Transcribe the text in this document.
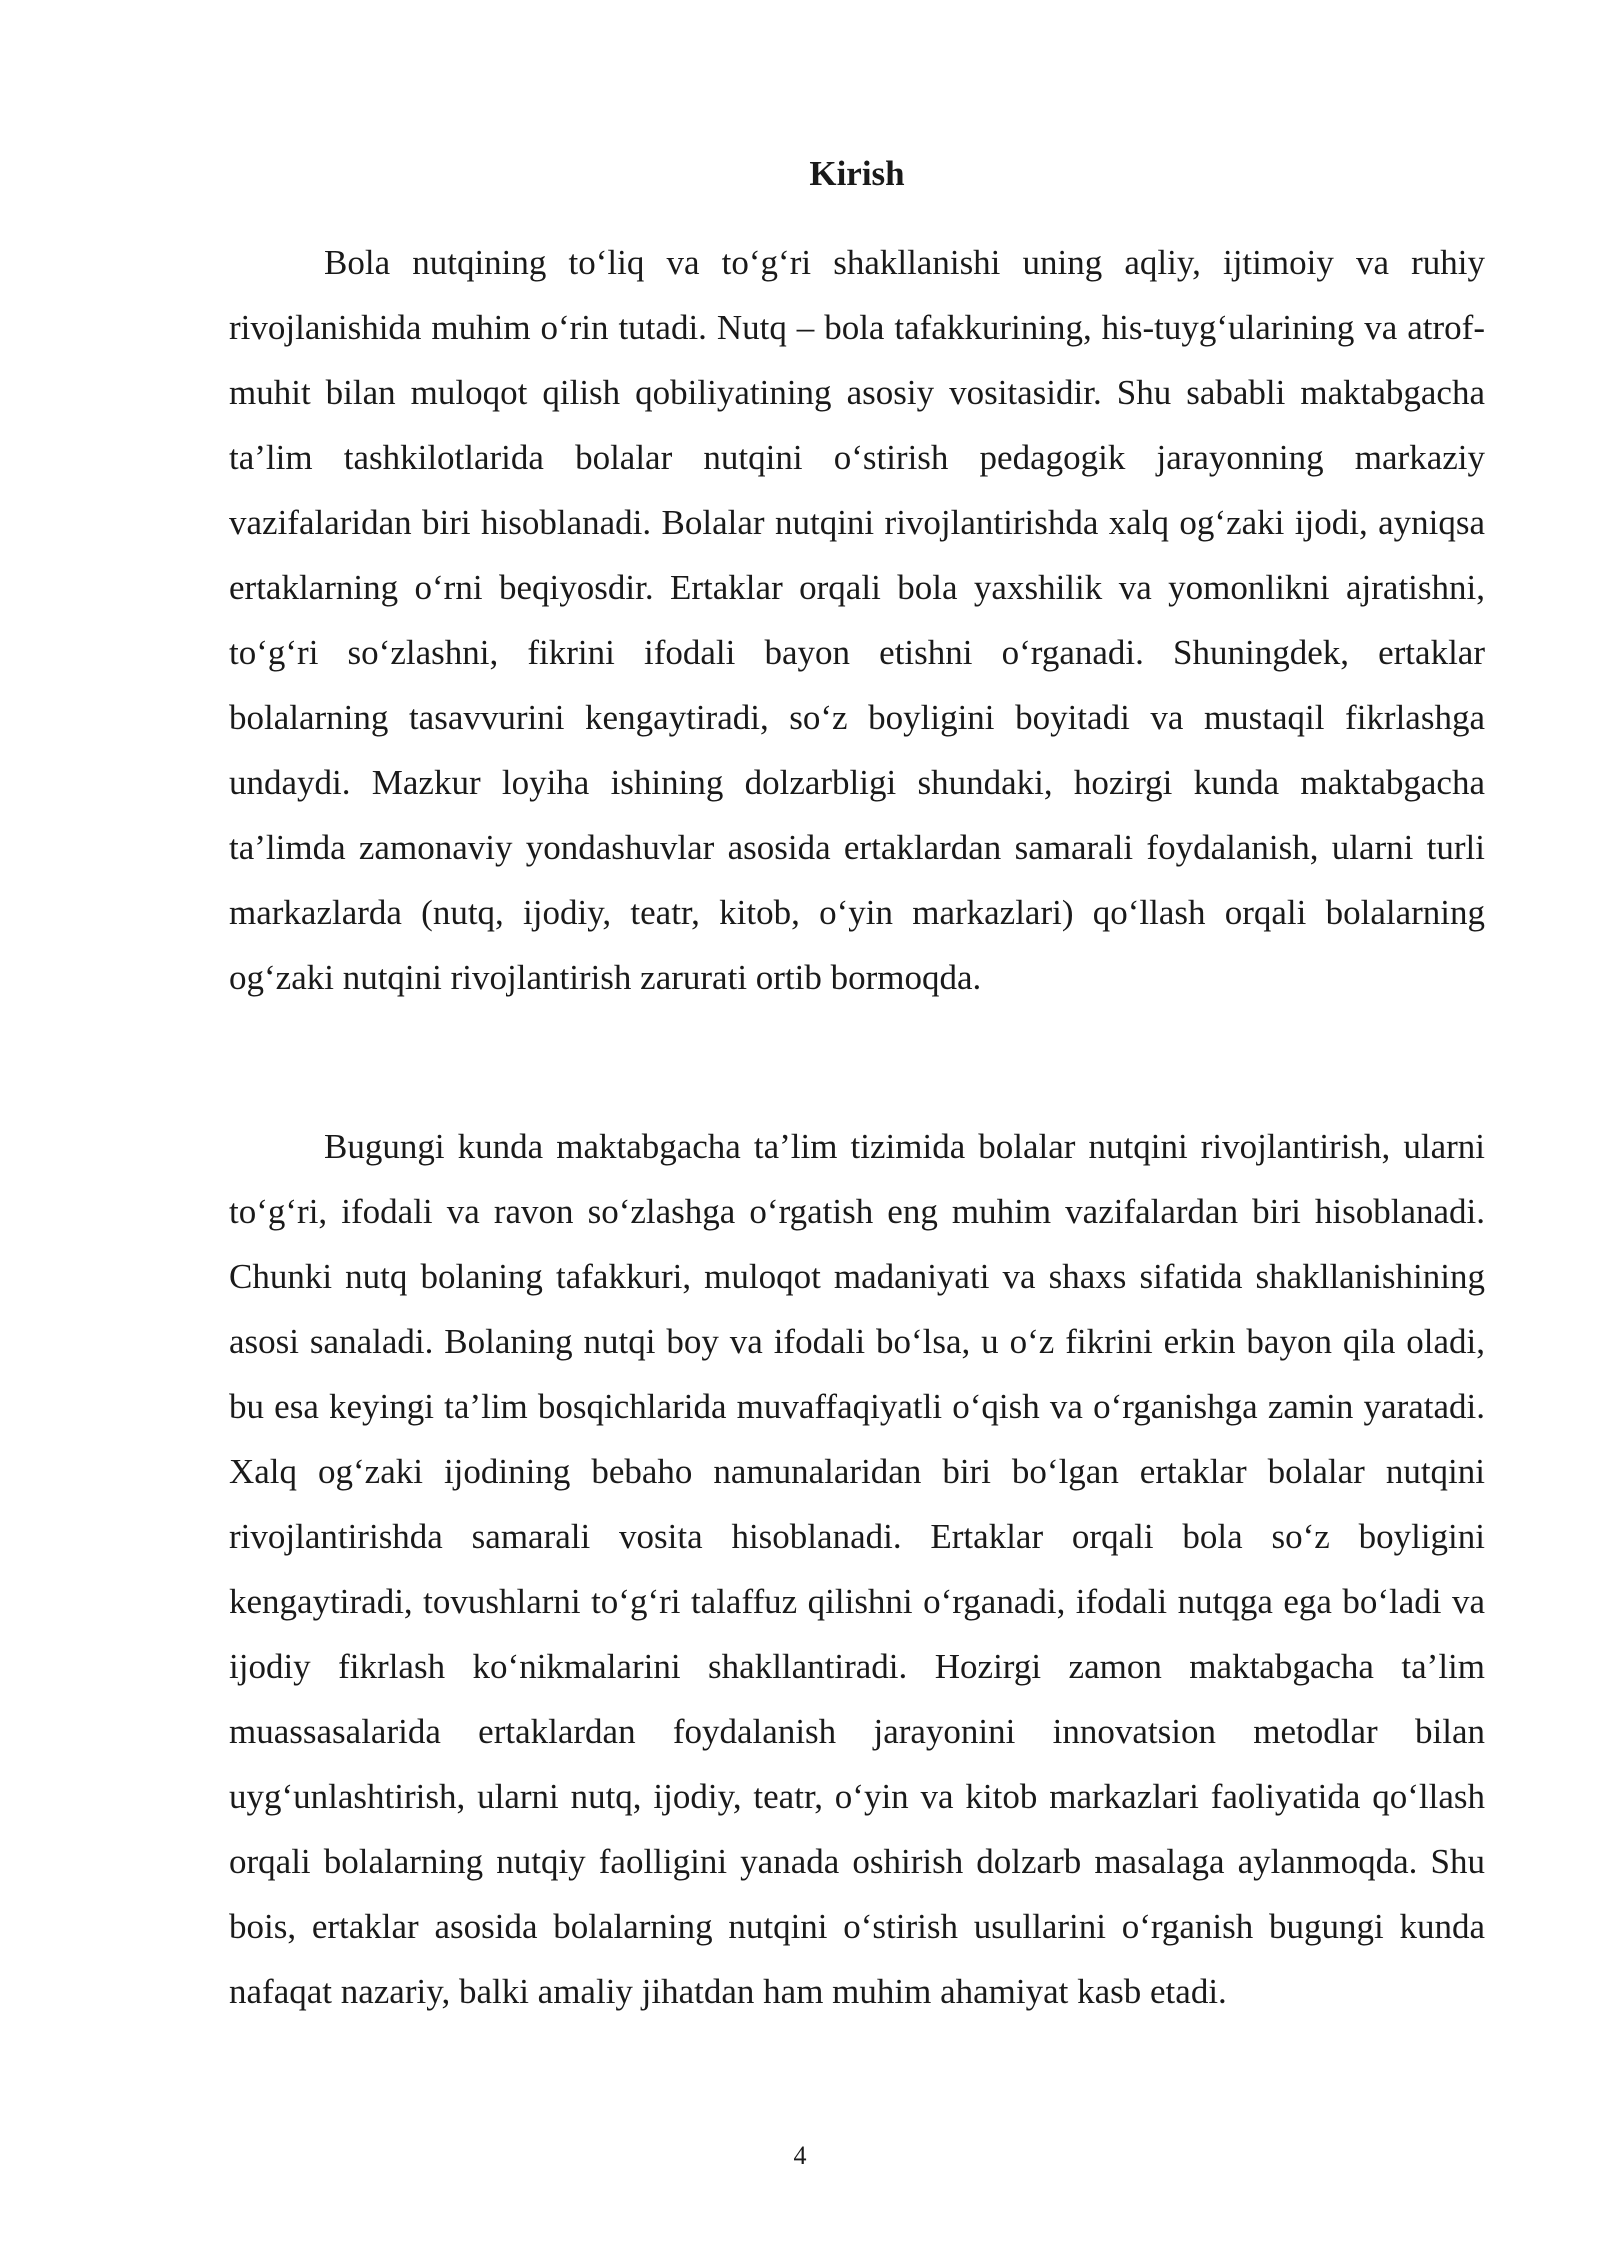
Kirish

Bola nutqining to‘liq va to‘g‘ri shakllanishi uning aqliy, ijtimoiy va ruhiy rivojlanishida muhim o‘rin tutadi. Nutq – bola tafakkurining, his-tuyg‘ularining va atrof-muhit bilan muloqot qilish qobiliyatining asosiy vositasidir. Shu sababli maktabgacha ta’lim tashkilotlarida bolalar nutqini o‘stirish pedagogik jarayonning markaziy vazifalaridan biri hisoblanadi. Bolalar nutqini rivojlantirishda xalq og‘zaki ijodi, ayniqsa ertaklarning o‘rni beqiyosdir. Ertaklar orqali bola yaxshilik va yomonlikni ajratishni, to‘g‘ri so‘zlashni, fikrini ifodali bayon etishni o‘rganadi. Shuningdek, ertaklar bolalarning tasavvurini kengaytiradi, so‘z boyligini boyitadi va mustaqil fikrlashga undaydi. Mazkur loyiha ishining dolzarbligi shundaki, hozirgi kunda maktabgacha ta’limda zamonaviy yondashuvlar asosida ertaklardan samarali foydalanish, ularni turli markazlarda (nutq, ijodiy, teatr, kitob, o‘yin markazlari) qo‘llash orqali bolalarning og‘zaki nutqini rivojlantirish zarurati ortib bormoqda.

Bugungi kunda maktabgacha ta’lim tizimida bolalar nutqini rivojlantirish, ularni to‘g‘ri, ifodali va ravon so‘zlashga o‘rgatish eng muhim vazifalardan biri hisoblanadi. Chunki nutq bolaning tafakkuri, muloqot madaniyati va shaxs sifatida shakllanishining asosi sanaladi. Bolaning nutqi boy va ifodali bo‘lsa, u o‘z fikrini erkin bayon qila oladi, bu esa keyingi ta’lim bosqichlarida muvaffaqiyatli o‘qish va o‘rganishga zamin yaratadi. Xalq og‘zaki ijodining bebaho namunalaridan biri bo‘lgan ertaklar bolalar nutqini rivojlantirishda samarali vosita hisoblanadi. Ertaklar orqali bola so‘z boyligini kengaytiradi, tovushlarni to‘g‘ri talaffuz qilishni o‘rganadi, ifodali nutqga ega bo‘ladi va ijodiy fikrlash ko‘nikmalarini shakllantiradi. Hozirgi zamon maktabgacha ta’lim muassasalarida ertaklardan foydalanish jarayonini innovatsion metodlar bilan uyg‘unlashtirish, ularni nutq, ijodiy, teatr, o‘yin va kitob markazlari faoliyatida qo‘llash orqali bolalarning nutqiy faolligini yanada oshirish dolzarb masalaga aylanmoqda. Shu bois, ertaklar asosida bolalarning nutqini o‘stirish usullarini o‘rganish bugungi kunda nafaqat nazariy, balki amaliy jihatdan ham muhim ahamiyat kasb etadi.

4
